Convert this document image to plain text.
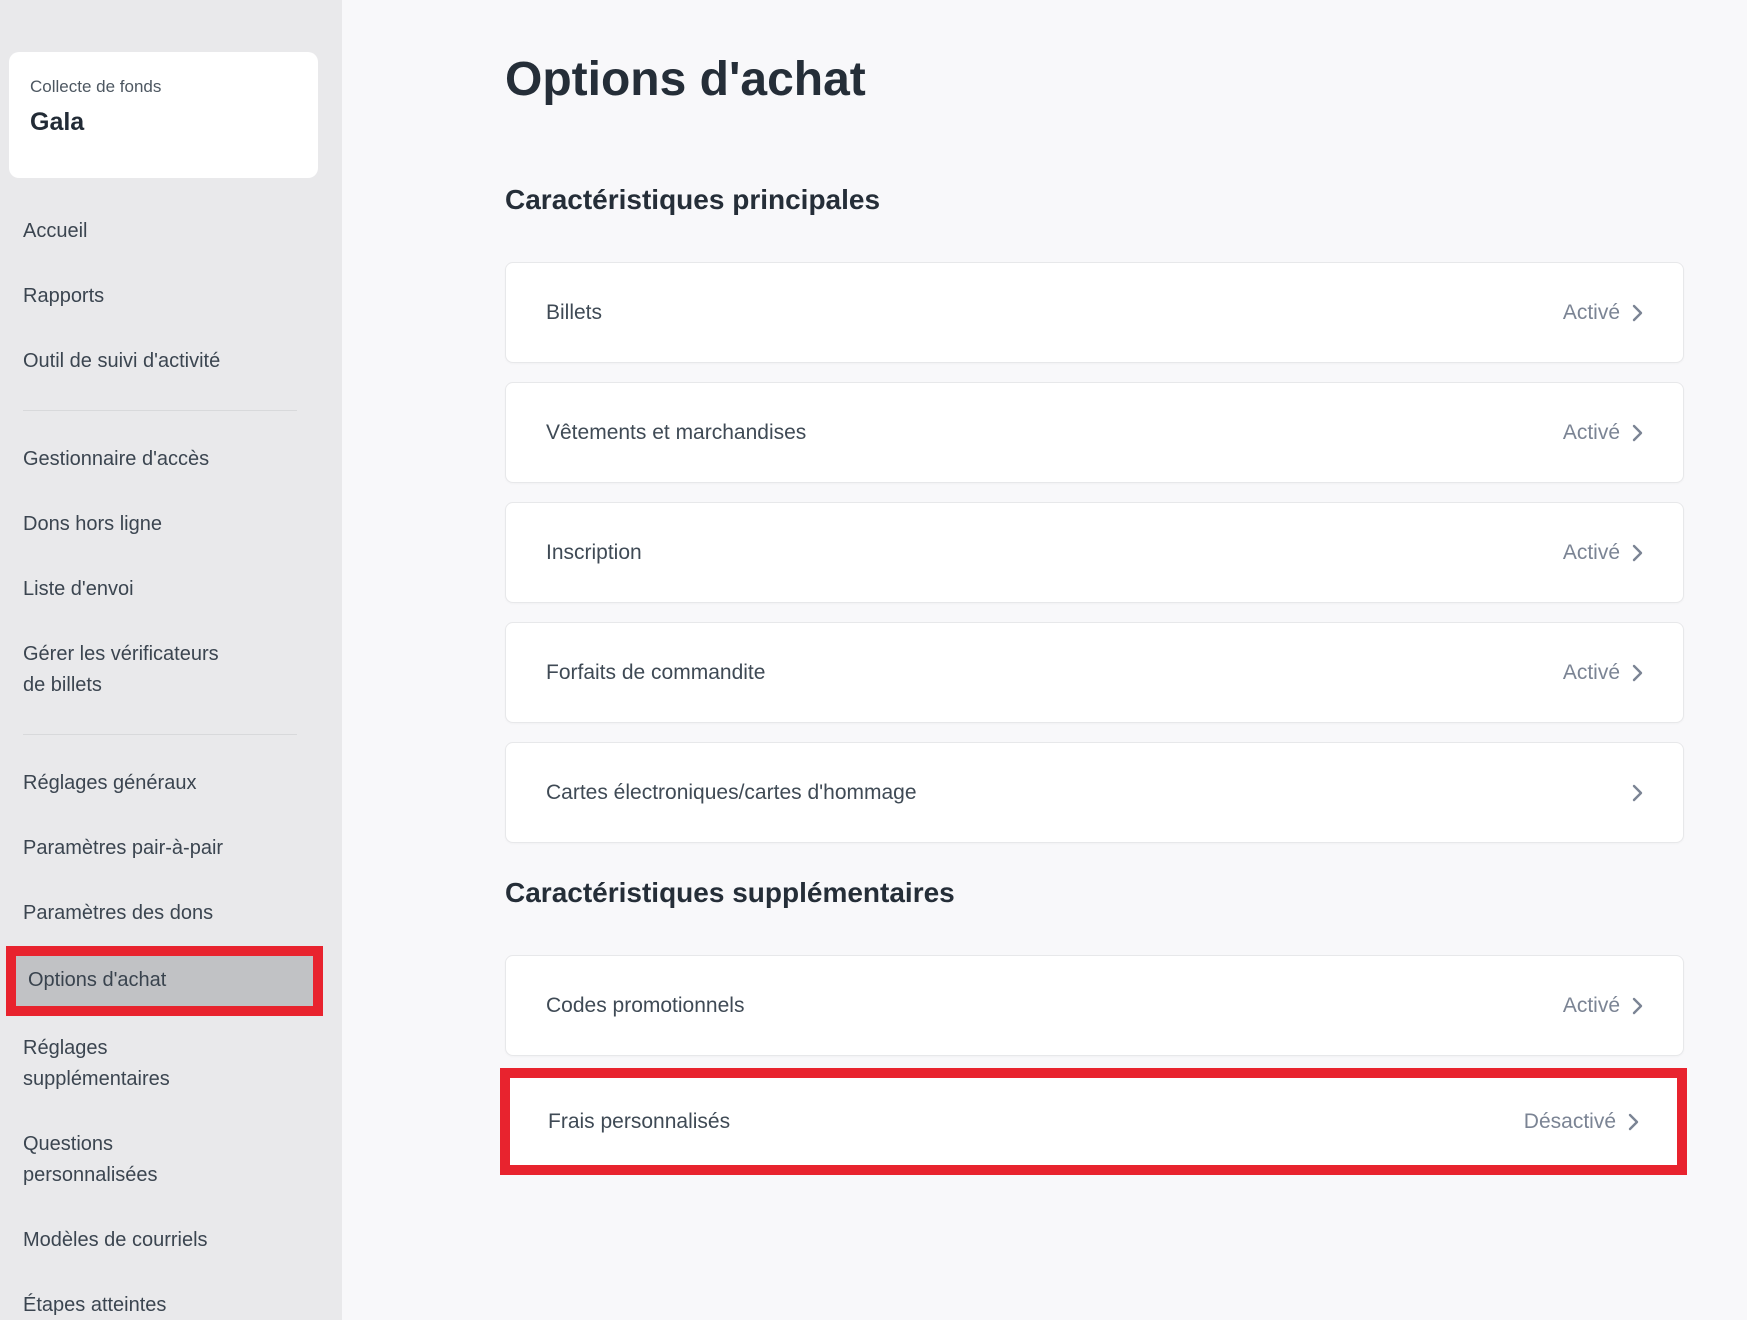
Collecte de fonds
Gala
Accueil
Rapports
Outil de suivi d'activité
Gestionnaire d'accès
Dons hors ligne
Liste d'envoi
Gérer les vérificateurs de billets
Réglages généraux
Paramètres pair-à-pair
Paramètres des dons
Options d'achat
Réglages supplémentaires
Questions personnalisées
Modèles de courriels
Étapes atteintes
Options d'achat
Caractéristiques principales
Billets	Activé
Vêtements et marchandises	Activé
Inscription	Activé
Forfaits de commandite	Activé
Cartes électroniques/cartes d'hommage
Caractéristiques supplémentaires
Codes promotionnels	Activé
Frais personnalisés	Désactivé
